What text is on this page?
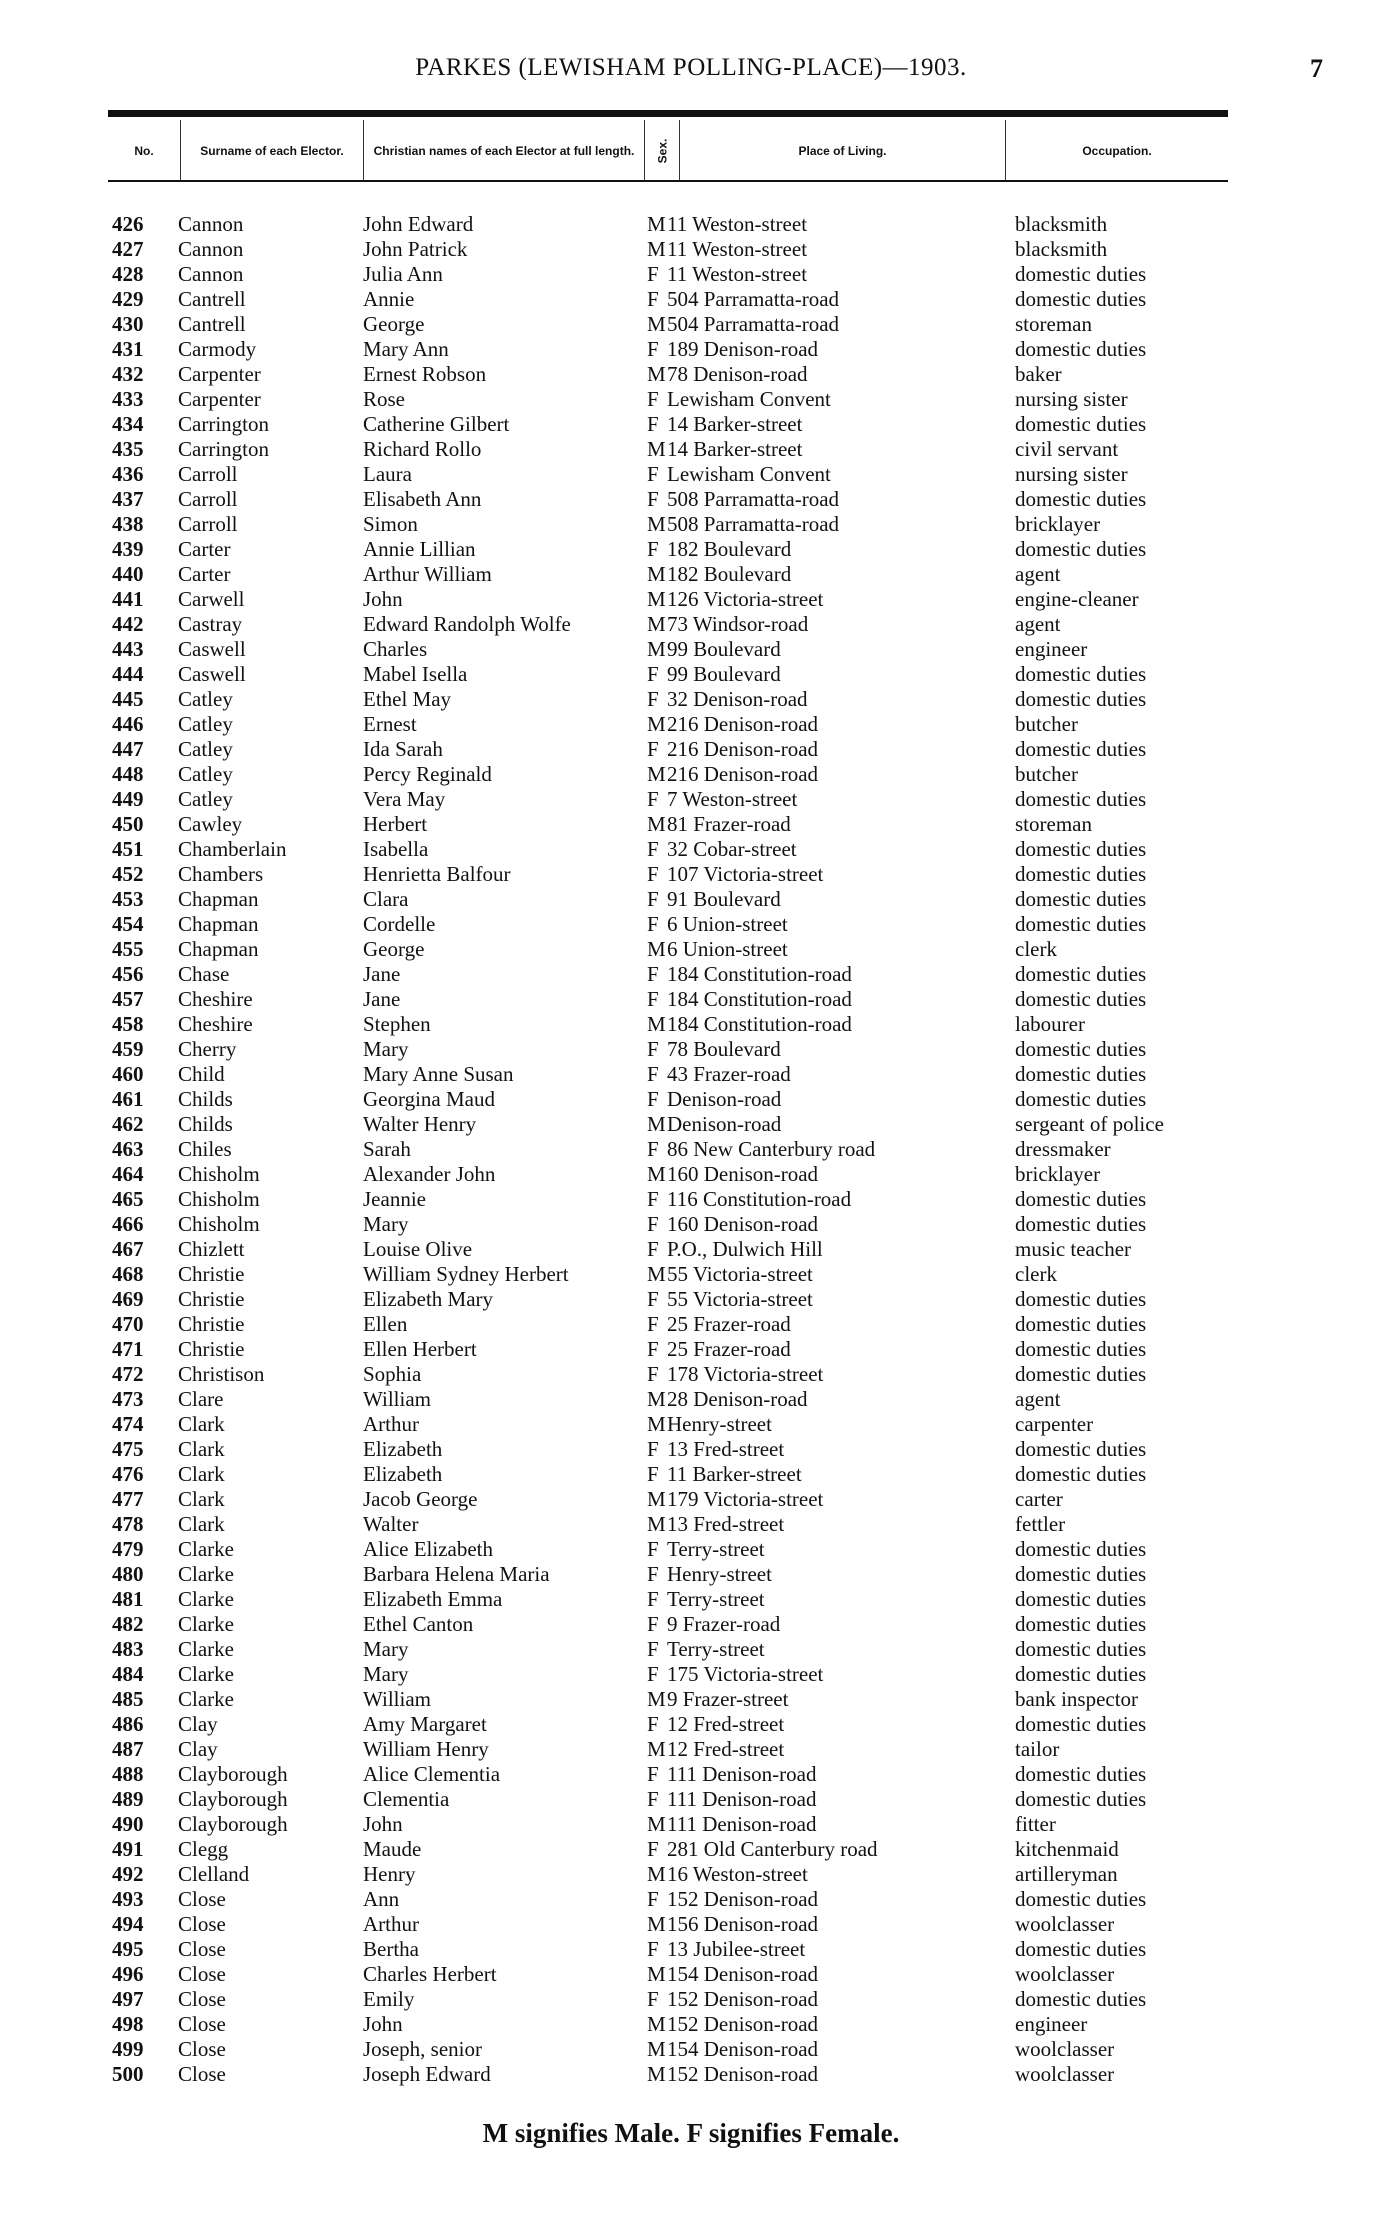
PARKES (LEWISHAM POLLING-PLACE)—1903.	7
No.	Surname of each Elector.	Christian names of each Elector at full length.	Sex.	Place of Living.	Occupation.
426	Cannon	John Edward	M 11 Weston-street	blacksmith
427	Cannon	John Patrick	M 11 Weston-street	blacksmith
428	Cannon	Julia Ann	F 11 Weston-street	domestic duties
429	Cantrell	Annie	F 504 Parramatta-road	domestic duties
430	Cantrell	George	M 504 Parramatta-road	storeman
431	Carmody	Mary Ann	F 189 Denison-road	domestic duties
432	Carpenter	Ernest Robson	M 78 Denison-road	baker
433	Carpenter	Rose	F Lewisham Convent	nursing sister
434	Carrington	Catherine Gilbert	F 14 Barker-street	domestic duties
435	Carrington	Richard Rollo	M 14 Barker-street	civil servant
436	Carroll	Laura	F Lewisham Convent	nursing sister
437	Carroll	Elisabeth Ann	F 508 Parramatta-road	domestic duties
438	Carroll	Simon	M 508 Parramatta-road	bricklayer
439	Carter	Annie Lillian	F 182 Boulevard	domestic duties
440	Carter	Arthur William	M 182 Boulevard	agent
441	Carwell	John	M 126 Victoria-street	engine-cleaner
442	Castray	Edward Randolph Wolfe	M 73 Windsor-road	agent
443	Caswell	Charles	M 99 Boulevard	engineer
444	Caswell	Mabel Isella	F 99 Boulevard	domestic duties
445	Catley	Ethel May	F 32 Denison-road	domestic duties
446	Catley	Ernest	M 216 Denison-road	butcher
447	Catley	Ida Sarah	F 216 Denison-road	domestic duties
448	Catley	Percy Reginald	M 216 Denison-road	butcher
449	Catley	Vera May	F 7 Weston-street	domestic duties
450	Cawley	Herbert	M 81 Frazer-road	storeman
451	Chamberlain	Isabella	F 32 Cobar-street	domestic duties
452	Chambers	Henrietta Balfour	F 107 Victoria-street	domestic duties
453	Chapman	Clara	F 91 Boulevard	domestic duties
454	Chapman	Cordelle	F 6 Union-street	domestic duties
455	Chapman	George	M 6 Union-street	clerk
456	Chase	Jane	F 184 Constitution-road	domestic duties
457	Cheshire	Jane	F 184 Constitution-road	domestic duties
458	Cheshire	Stephen	M 184 Constitution-road	labourer
459	Cherry	Mary	F 78 Boulevard	domestic duties
460	Child	Mary Anne Susan	F 43 Frazer-road	domestic duties
461	Childs	Georgina Maud	F Denison-road	domestic duties
462	Childs	Walter Henry	M Denison-road	sergeant of police
463	Chiles	Sarah	F 86 New Canterbury road	dressmaker
464	Chisholm	Alexander John	M 160 Denison-road	bricklayer
465	Chisholm	Jeannie	F 116 Constitution-road	domestic duties
466	Chisholm	Mary	F 160 Denison-road	domestic duties
467	Chizlett	Louise Olive	F P.O., Dulwich Hill	music teacher
468	Christie	William Sydney Herbert	M 55 Victoria-street	clerk
469	Christie	Elizabeth Mary	F 55 Victoria-street	domestic duties
470	Christie	Ellen	F 25 Frazer-road	domestic duties
471	Christie	Ellen Herbert	F 25 Frazer-road	domestic duties
472	Christison	Sophia	F 178 Victoria-street	domestic duties
473	Clare	William	M 28 Denison-road	agent
474	Clark	Arthur	M Henry-street	carpenter
475	Clark	Elizabeth	F 13 Fred-street	domestic duties
476	Clark	Elizabeth	F 11 Barker-street	domestic duties
477	Clark	Jacob George	M 179 Victoria-street	carter
478	Clark	Walter	M 13 Fred-street	fettler
479	Clarke	Alice Elizabeth	F Terry-street	domestic duties
480	Clarke	Barbara Helena Maria	F Henry-street	domestic duties
481	Clarke	Elizabeth Emma	F Terry-street	domestic duties
482	Clarke	Ethel Canton	F 9 Frazer-road	domestic duties
483	Clarke	Mary	F Terry-street	domestic duties
484	Clarke	Mary	F 175 Victoria-street	domestic duties
485	Clarke	William	M 9 Frazer-street	bank inspector
486	Clay	Amy Margaret	F 12 Fred-street	domestic duties
487	Clay	William Henry	M 12 Fred-street	tailor
488	Clayborough	Alice Clementia	F 111 Denison-road	domestic duties
489	Clayborough	Clementia	F 111 Denison-road	domestic duties
490	Clayborough	John	M 111 Denison-road	fitter
491	Clegg	Maude	F 281 Old Canterbury road	kitchenmaid
492	Clelland	Henry	M 16 Weston-street	artilleryman
493	Close	Ann	F 152 Denison-road	domestic duties
494	Close	Arthur	M 156 Denison-road	woolclasser
495	Close	Bertha	F 13 Jubilee-street	domestic duties
496	Close	Charles Herbert	M 154 Denison-road	woolclasser
497	Close	Emily	F 152 Denison-road	domestic duties
498	Close	John	M 152 Denison-road	engineer
499	Close	Joseph, senior	M 154 Denison-road	woolclasser
500	Close	Joseph Edward	M 152 Denison-road	woolclasser
M signifies Male. F signifies Female.
